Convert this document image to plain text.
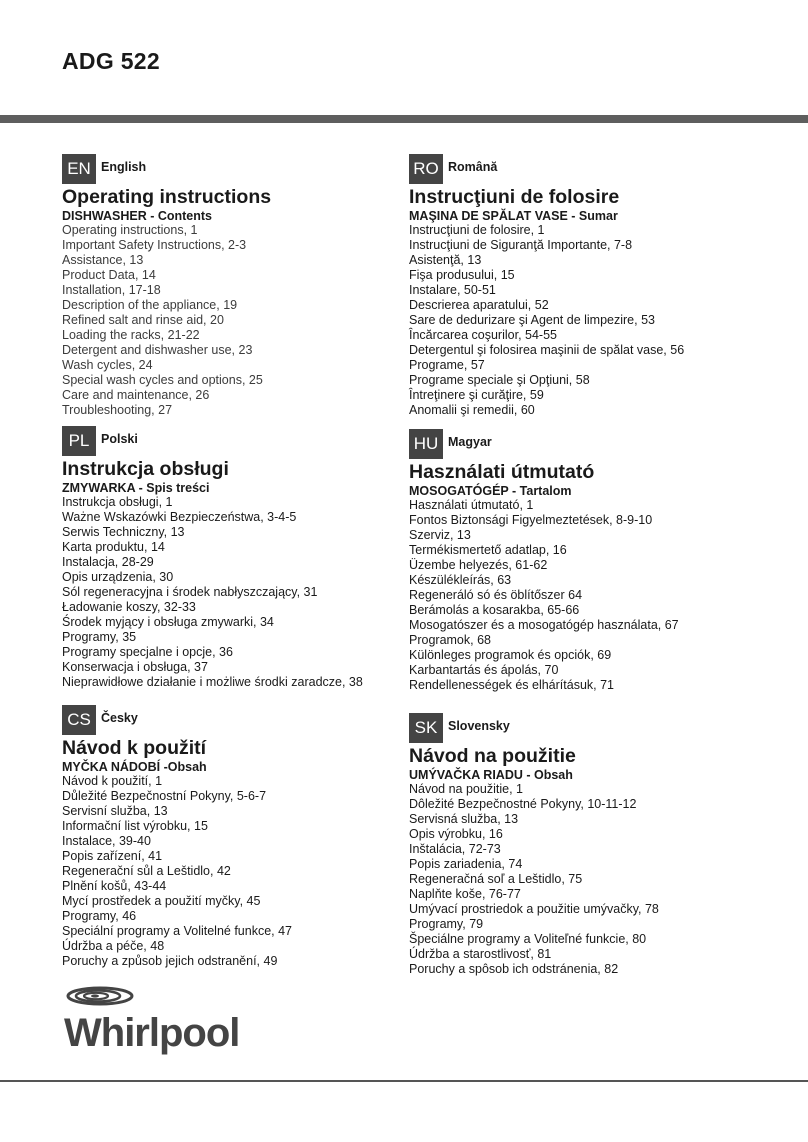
ADG 522
EN English
Operating instructions
DISHWASHER - Contents
Operating instructions, 1
Important Safety Instructions, 2-3
Assistance, 13
Product Data, 14
Installation, 17-18
Description of the appliance, 19
Refined salt and rinse aid, 20
Loading the racks, 21-22
Detergent and dishwasher use, 23
Wash cycles, 24
Special wash cycles and options, 25
Care and maintenance, 26
Troubleshooting, 27
RO Română
Instrucţiuni de folosire
MAŞINA DE SPĂLAT VASE - Sumar
Instrucţiuni de folosire, 1
Instrucţiuni de Siguranţă Importante, 7-8
Asistenţă, 13
Fişa produsului, 15
Instalare, 50-51
Descrierea aparatului, 52
Sare de dedurizare şi Agent de limpezire, 53
Încărcarea coşurilor, 54-55
Detergentul şi folosirea maşinii de spălat vase, 56
Programe, 57
Programe speciale şi Opţiuni, 58
Întreţinere şi curăţire, 59
Anomalii şi remedii, 60
PL Polski
Instrukcja obsługi
ZMYWARKA - Spis treści
Instrukcja obsługi, 1
Ważne Wskazówki Bezpieczeństwa, 3-4-5
Serwis Techniczny, 13
Karta produktu, 14
Instalacja, 28-29
Opis urządzenia, 30
Sól regeneracyjna i środek nabłyszczający, 31
Ładowanie koszy, 32-33
Środek myjący i obsługa zmywarki, 34
Programy, 35
Programy specjalne i opcje, 36
Konserwacja i obsługa, 37
Nieprawidłowe działanie i możliwe środki zaradcze, 38
HU Magyar
Használati útmutató
MOSOGATÓGÉP - Tartalom
Használati útmutató, 1
Fontos Biztonsági Figyelmeztetések, 8-9-10
Szerviz, 13
Termékismertető adatlap, 16
Üzembe helyezés, 61-62
Készülékleírás, 63
Regeneráló só és öblítőszer 64
Berámolás a kosarakba, 65-66
Mosogatószer és a mosogatógép használata, 67
Programok, 68
Különleges programok és opciók, 69
Karbantartás és ápolás, 70
Rendellenességek és elhárításuk, 71
CS Česky
Návod k použití
MYČKA NÁDOBÍ -Obsah
Návod k použití, 1
Důležité Bezpečnostní Pokyny, 5-6-7
Servisní služba, 13
Informační list výrobku, 15
Instalace, 39-40
Popis zařízení, 41
Regenerační sůl a Leštidlo, 42
Plnění košů, 43-44
Mycí prostředek a použití myčky, 45
Programy, 46
Speciální programy a Volitelné funkce, 47
Údržba a péče, 48
Poruchy a způsob jejich odstranění, 49
SK Slovensky
Návod na použitie
UMÝVAČKA RIADU - Obsah
Návod na použitie, 1
Dôležité Bezpečnostné Pokyny, 10-11-12
Servisná služba, 13
Opis výrobku, 16
Inštalácia, 72-73
Popis zariadenia, 74
Regeneračná soľ a Leštidlo, 75
Naplňte koše, 76-77
Umývací prostriedok a použitie umývačky, 78
Programy, 79
Špeciálne programy a Voliteľné funkcie, 80
Údržba a starostlivosť, 81
Poruchy a spôsob ich odstránenia, 82
Whirlpool
